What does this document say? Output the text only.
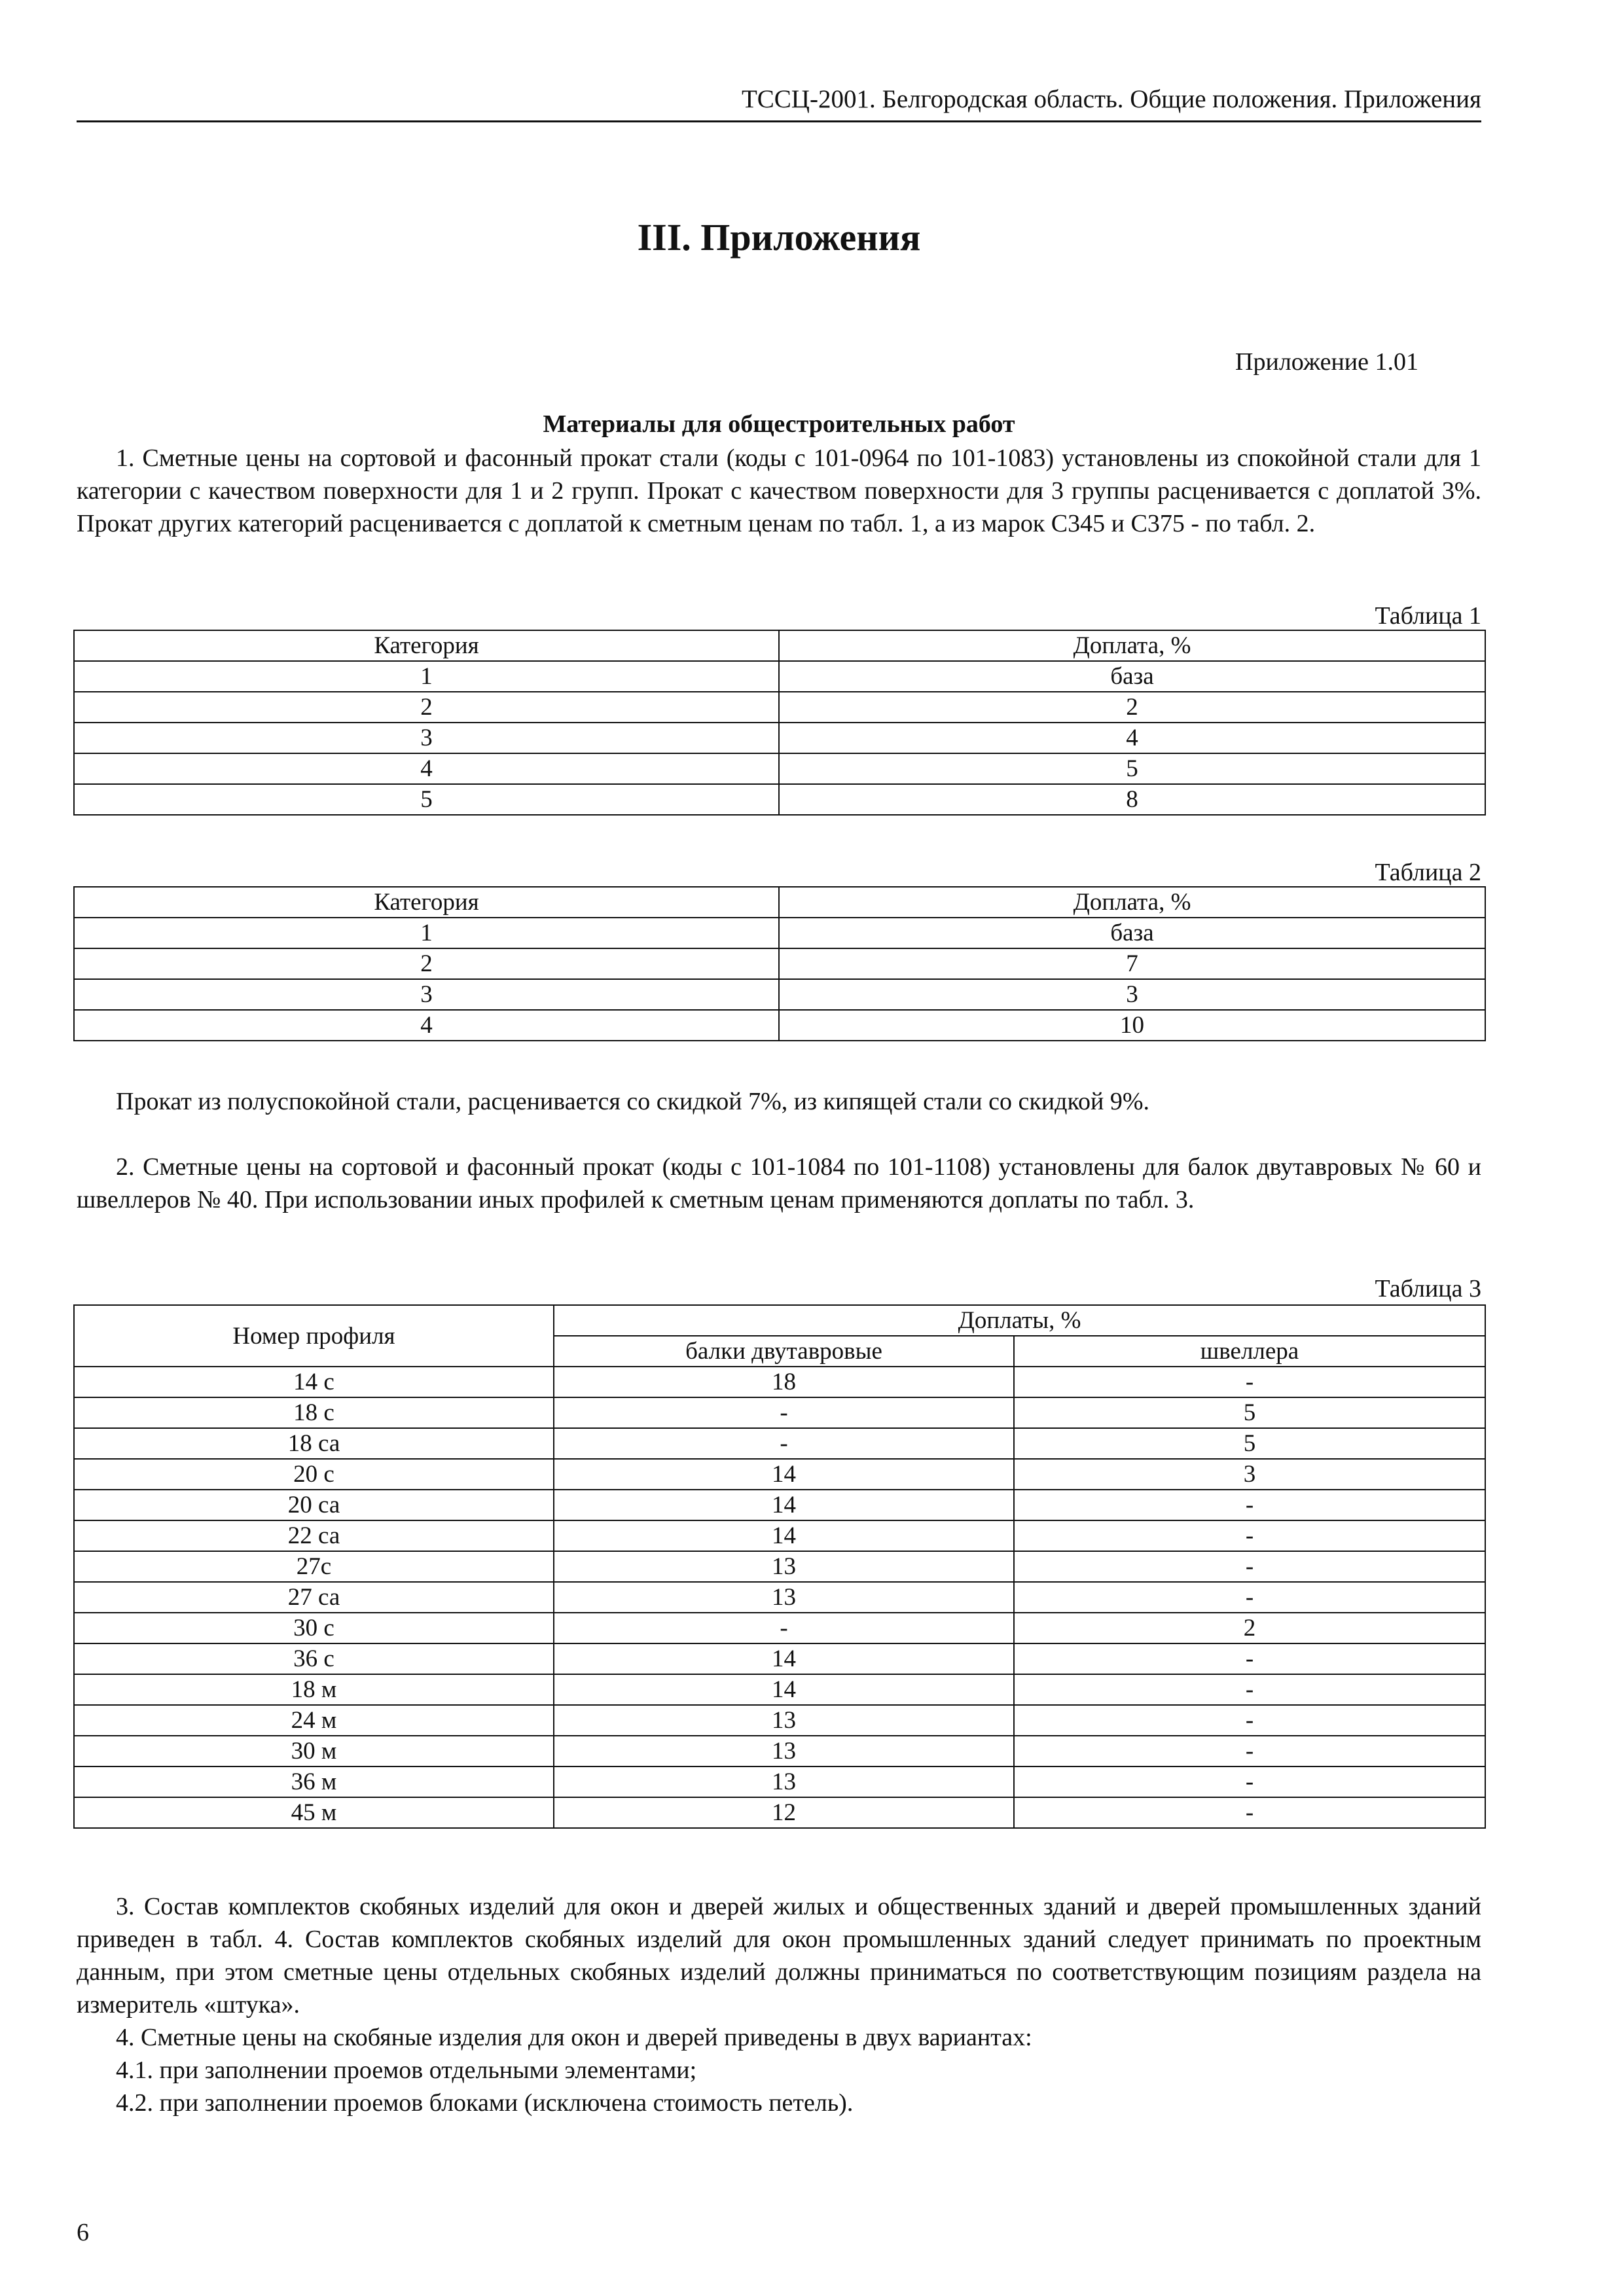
ТССЦ-2001. Белгородская область. Общие положения. Приложения
III. Приложения
Приложение 1.01
Материалы для общестроительных работ

1. Сметные цены на сортовой и фасонный прокат стали (коды с 101-0964 по 101-1083) установлены из спокойной стали для 1 категории с качеством поверхности для 1 и 2 групп. Прокат с качеством поверхности для 3 группы расценивается с доплатой 3%. Прокат других категорий расценивается с доплатой к сметным ценам по табл. 1, а из марок С345 и С375 - по табл. 2.

Таблица 1
Категория	Доплата, %
1	база
2	2
3	4
4	5
5	8
Таблица 2
Категория	Доплата, %
1	база
2	7
3	3
4	10

Прокат из полуспокойной стали, расценивается со скидкой 7%, из кипящей стали со скидкой 9%.

2. Сметные цены на сортовой и фасонный прокат (коды с 101-1084 по 101-1108) установлены для балок двутавровых № 60 и швеллеров № 40. При использовании иных профилей к сметным ценам применяются доплаты по табл. 3.

Таблица 3
Номер профиля	Доплаты, %	
	балки двутавровые	швеллера
14 с	18	-
18 с	-	5
18 са	-	5
20 с	14	3
20 са	14	-
22 са	14	-
27с	13	-
27 са	13	-
30 с	-	2
36 с	14	-
18 м	14	-
24 м	13	-
30 м	13	-
36 м	13	-
45 м	12	-

3. Состав комплектов скобяных изделий для окон и дверей жилых и общественных зданий и дверей промышленных зданий приведен в табл. 4. Состав комплектов скобяных изделий для окон промышленных зданий следует принимать по проектным данным, при этом сметные цены отдельных скобяных изделий должны приниматься по соответствующим позициям раздела на измеритель «штука».

4. Сметные цены на скобяные изделия для окон и дверей приведены в двух вариантах:

4.1. при заполнении проемов отдельными элементами;

4.2. при заполнении проемов блоками (исключена стоимость петель).

6
